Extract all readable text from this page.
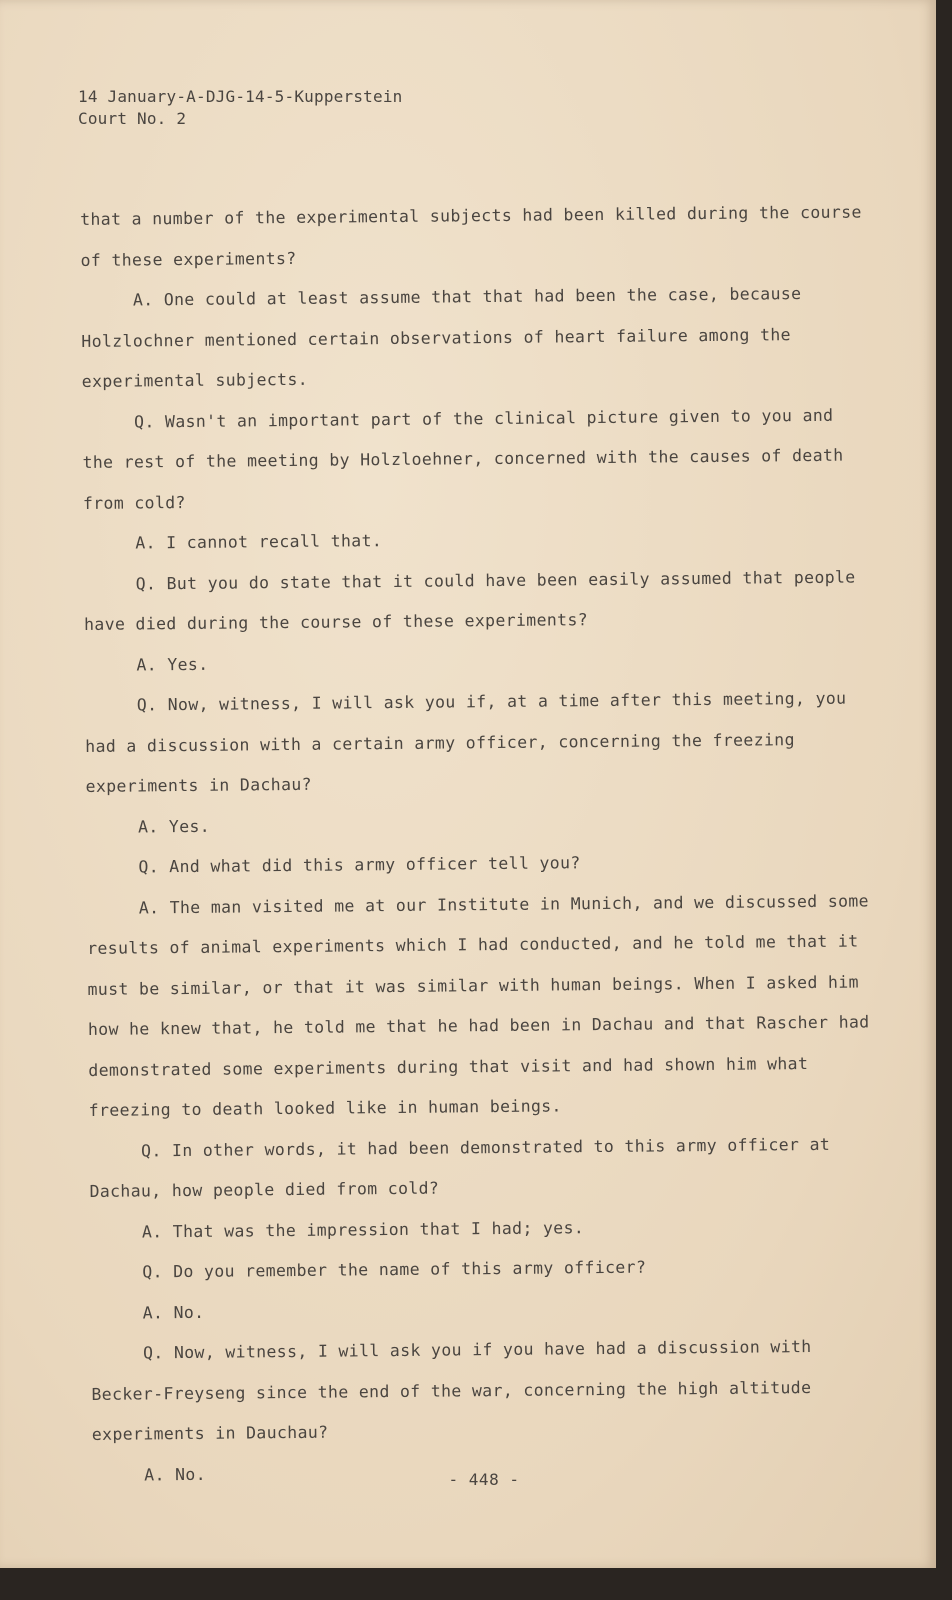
14 January-A-DJG-14-5-Kupperstein
Court No. 2

that a number of the experimental subjects had been killed during the course of these experiments?

A. One could at least assume that that had been the case, because Holzlochner mentioned certain observations of heart failure among the experimental subjects.

Q. Wasn't an important part of the clinical picture given to you and the rest of the meeting by Holzloehner, concerned with the causes of death from cold?

A. I cannot recall that.

Q. But you do state that it could have been easily assumed that people have died during the course of these experiments?

A. Yes.

Q. Now, witness, I will ask you if, at a time after this meeting, you had a discussion with a certain army officer, concerning the freezing experiments in Dachau?

A. Yes.

Q. And what did this army officer tell you?

A. The man visited me at our Institute in Munich, and we discussed some results of animal experiments which I had conducted, and he told me that it must be similar, or that it was similar with human beings. When I asked him how he knew that, he told me that he had been in Dachau and that Rascher had demonstrated some experiments during that visit and had shown him what freezing to death looked like in human beings.

Q. In other words, it had been demonstrated to this army officer at Dachau, how people died from cold?

A. That was the impression that I had; yes.

Q. Do you remember the name of this army officer?

A. No.

Q. Now, witness, I will ask you if you have had a discussion with Becker-Freyseng since the end of the war, concerning the high altitude experiments in Dauchau?

A. No.	- 448 -
